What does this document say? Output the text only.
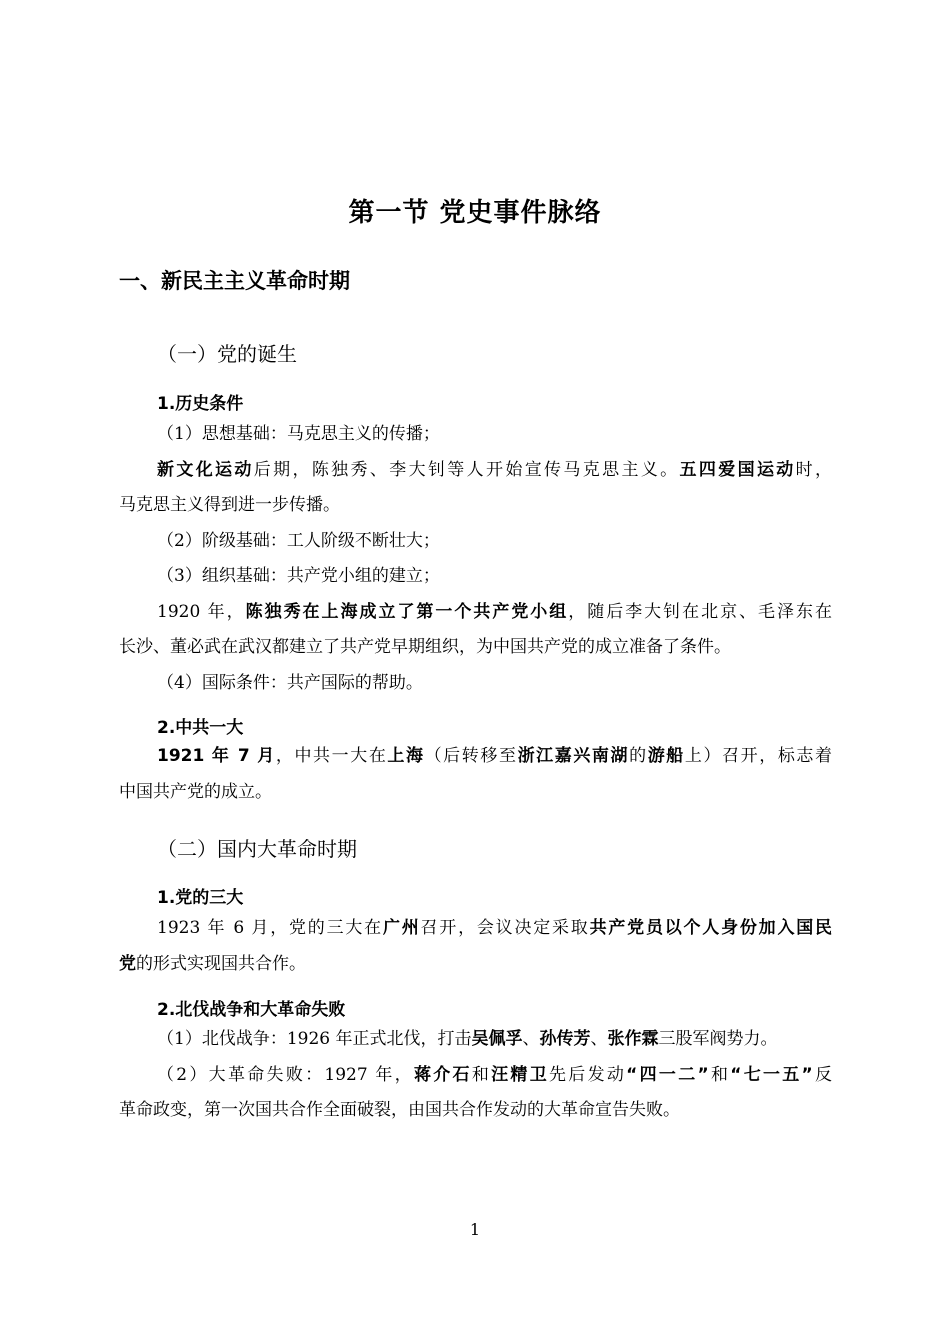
第一节 党史事件脉络
一、新民主主义革命时期
（一）党的诞生
1.历史条件
（1）思想基础：马克思主义的传播；
新文化运动后期，陈独秀、李大钊等人开始宣传马克思主义。五四爱国运动时，
马克思主义得到进一步传播。
（2）阶级基础：工人阶级不断壮大；
（3）组织基础：共产党小组的建立；
1920 年，陈独秀在上海成立了第一个共产党小组，随后李大钊在北京、毛泽东在
长沙、董必武在武汉都建立了共产党早期组织，为中国共产党的成立准备了条件。
（4）国际条件：共产国际的帮助。
2.中共一大
1921 年 7 月，中共一大在上海（后转移至浙江嘉兴南湖的游船上）召开，标志着
中国共产党的成立。
（二）国内大革命时期
1.党的三大
1923 年 6 月，党的三大在广州召开，会议决定采取共产党员以个人身份加入国民
党的形式实现国共合作。
2.北伐战争和大革命失败
（1）北伐战争：1926 年正式北伐，打击吴佩孚、孙传芳、张作霖三股军阀势力。
（2）大革命失败：1927 年，蒋介石和汪精卫先后发动“四一二”和“七一五”反
革命政变，第一次国共合作全面破裂，由国共合作发动的大革命宣告失败。
1
